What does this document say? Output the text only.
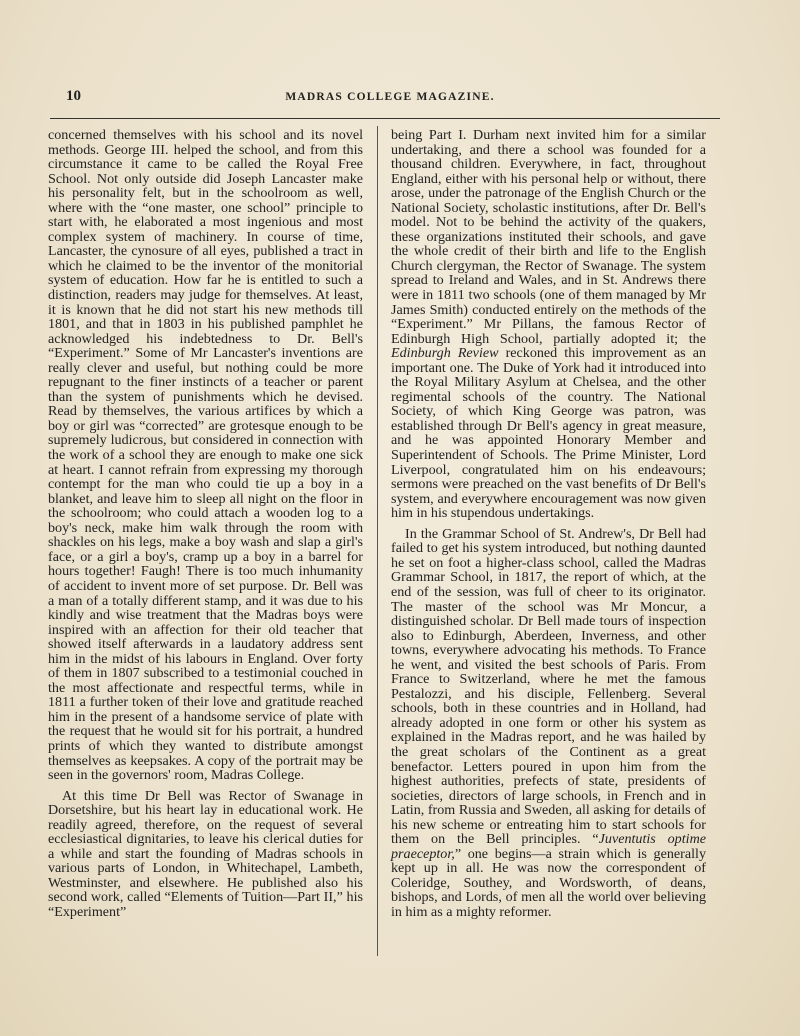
10	MADRAS COLLEGE MAGAZINE.

concerned themselves with his school and its novel methods. George III. helped the school, and from this circumstance it came to be called the Royal Free School. Not only outside did Joseph Lancaster make his personality felt, but in the schoolroom as well, where with the “one master, one school” principle to start with, he elaborated a most ingenious and most complex system of machinery. In course of time, Lancaster, the cynosure of all eyes, published a tract in which he claimed to be the inventor of the monitorial system of education. How far he is entitled to such a distinction, readers may judge for themselves. At least, it is known that he did not start his new methods till 1801, and that in 1803 in his published pamphlet he acknowledged his indebtedness to Dr. Bell's “Experiment.” Some of Mr Lancaster's inventions are really clever and useful, but nothing could be more repugnant to the finer instincts of a teacher or parent than the system of punishments which he devised. Read by themselves, the various artifices by which a boy or girl was “corrected” are grotesque enough to be supremely ludicrous, but considered in connection with the work of a school they are enough to make one sick at heart. I cannot refrain from expressing my thorough contempt for the man who could tie up a boy in a blanket, and leave him to sleep all night on the floor in the schoolroom; who could attach a wooden log to a boy's neck, make him walk through the room with shackles on his legs, make a boy wash and slap a girl's face, or a girl a boy's, cramp up a boy in a barrel for hours together! Faugh! There is too much inhumanity of accident to invent more of set purpose. Dr. Bell was a man of a totally different stamp, and it was due to his kindly and wise treatment that the Madras boys were inspired with an affection for their old teacher that showed itself afterwards in a laudatory address sent him in the midst of his labours in England. Over forty of them in 1807 subscribed to a testimonial couched in the most affectionate and respectful terms, while in 1811 a further token of their love and gratitude reached him in the present of a handsome service of plate with the request that he would sit for his portrait, a hundred prints of which they wanted to distribute amongst themselves as keepsakes. A copy of the portrait may be seen in the governors' room, Madras College.

At this time Dr Bell was Rector of Swanage in Dorsetshire, but his heart lay in educational work. He readily agreed, therefore, on the request of several ecclesiastical dignitaries, to leave his clerical duties for a while and start the founding of Madras schools in various parts of London, in Whitechapel, Lambeth, Westminster, and elsewhere. He published also his second work, called “Elements of Tuition—Part II,” his “Experiment”

being Part I. Durham next invited him for a similar undertaking, and there a school was founded for a thousand children. Everywhere, in fact, throughout England, either with his personal help or without, there arose, under the patronage of the English Church or the National Society, scholastic institutions, after Dr. Bell's model. Not to be behind the activity of the quakers, these organizations instituted their schools, and gave the whole credit of their birth and life to the English Church clergyman, the Rector of Swanage. The system spread to Ireland and Wales, and in St. Andrews there were in 1811 two schools (one of them managed by Mr James Smith) conducted entirely on the methods of the “Experiment.” Mr Pillans, the famous Rector of Edinburgh High School, partially adopted it; the Edinburgh Review reckoned this improvement as an important one. The Duke of York had it introduced into the Royal Military Asylum at Chelsea, and the other regimental schools of the country. The National Society, of which King George was patron, was established through Dr Bell's agency in great measure, and he was appointed Honorary Member and Superintendent of Schools. The Prime Minister, Lord Liverpool, congratulated him on his endeavours; sermons were preached on the vast benefits of Dr Bell's system, and everywhere encouragement was now given him in his stupendous undertakings.

In the Grammar School of St. Andrew's, Dr Bell had failed to get his system introduced, but nothing daunted he set on foot a higher-class school, called the Madras Grammar School, in 1817, the report of which, at the end of the session, was full of cheer to its originator. The master of the school was Mr Moncur, a distinguished scholar. Dr Bell made tours of inspection also to Edinburgh, Aberdeen, Inverness, and other towns, everywhere advocating his methods. To France he went, and visited the best schools of Paris. From France to Switzerland, where he met the famous Pestalozzi, and his disciple, Fellenberg. Several schools, both in these countries and in Holland, had already adopted in one form or other his system as explained in the Madras report, and he was hailed by the great scholars of the Continent as a great benefactor. Letters poured in upon him from the highest authorities, prefects of state, presidents of societies, directors of large schools, in French and in Latin, from Russia and Sweden, all asking for details of his new scheme or entreating him to start schools for them on the Bell principles. “Juventutis optime praeceptor,” one begins—a strain which is generally kept up in all. He was now the correspondent of Coleridge, Southey, and Wordsworth, of deans, bishops, and Lords, of men all the world over believing in him as a mighty reformer.
